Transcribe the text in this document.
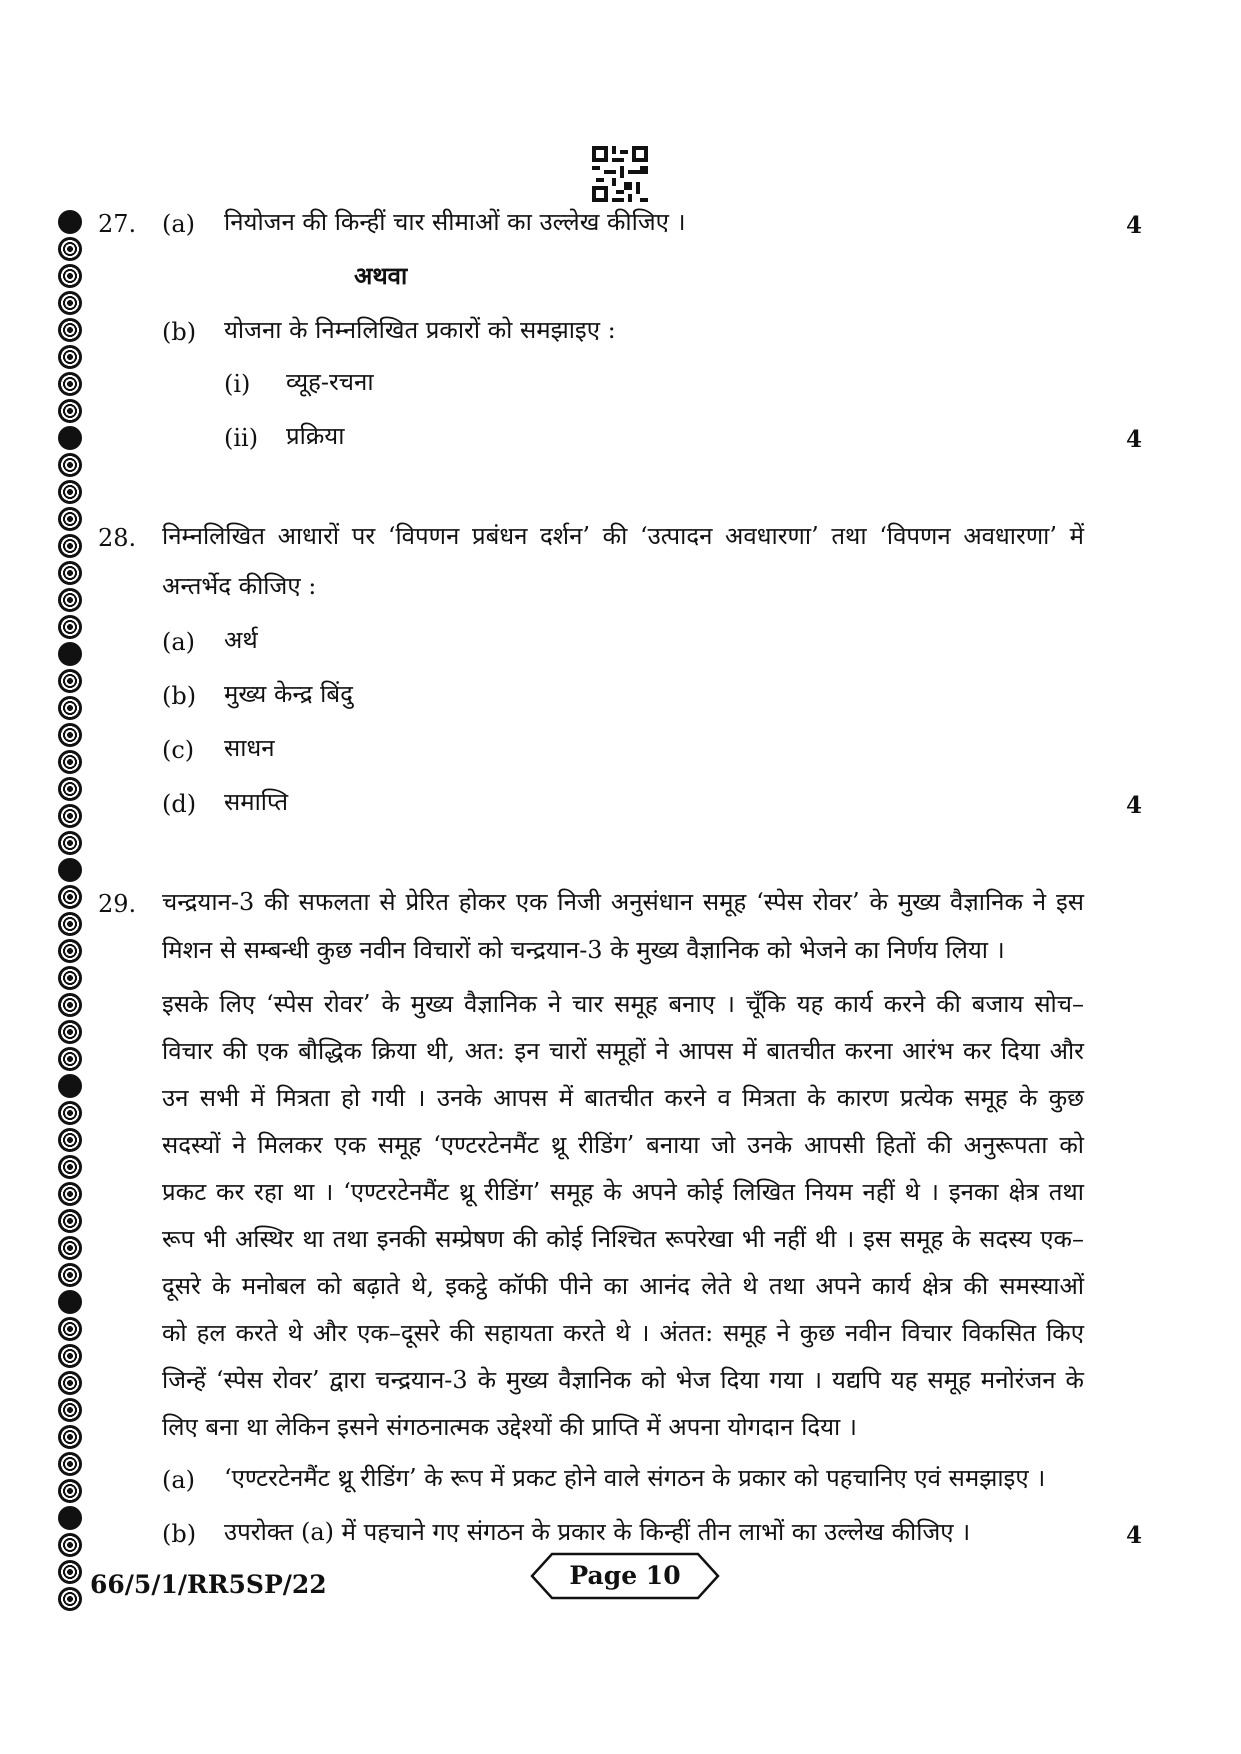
27. (a) नियोजन की किन्हीं चार सीमाओं का उल्लेख कीजिए ।	4
अथवा
(b) योजना के निम्नलिखित प्रकारों को समझाइए :
(i) व्यूह-रचना
(ii) प्रक्रिया	4
28. निम्नलिखित आधारों पर ‘विपणन प्रबंधन दर्शन’ की ‘उत्पादन अवधारणा’ तथा ‘विपणन अवधारणा’ में
अन्तर्भेद कीजिए :
(a) अर्थ
(b) मुख्य केन्द्र बिंदु
(c) साधन
(d) समाप्ति	4
29. चन्द्रयान-3 की सफलता से प्रेरित होकर एक निजी अनुसंधान समूह ‘स्पेस रोवर’ के मुख्य वैज्ञानिक ने इस
मिशन से सम्बन्धी कुछ नवीन विचारों को चन्द्रयान-3 के मुख्य वैज्ञानिक को भेजने का निर्णय लिया ।
इसके लिए ‘स्पेस रोवर’ के मुख्य वैज्ञानिक ने चार समूह बनाए । चूँकि यह कार्य करने की बजाय सोच–
विचार की एक बौद्धिक क्रिया थी, अत: इन चारों समूहों ने आपस में बातचीत करना आरंभ कर दिया और
उन सभी में मित्रता हो गयी । उनके आपस में बातचीत करने व मित्रता के कारण प्रत्येक समूह के कुछ
सदस्यों ने मिलकर एक समूह ‘एण्टरटेनमैंट थ्रू रीडिंग’ बनाया जो उनके आपसी हितों की अनुरूपता को
प्रकट कर रहा था । ‘एण्टरटेनमैंट थ्रू रीडिंग’ समूह के अपने कोई लिखित नियम नहीं थे । इनका क्षेत्र तथा
रूप भी अस्थिर था तथा इनकी सम्प्रेषण की कोई निश्चित रूपरेखा भी नहीं थी । इस समूह के सदस्य एक–
दूसरे के मनोबल को बढ़ाते थे, इकट्ठे कॉफी पीने का आनंद लेते थे तथा अपने कार्य क्षेत्र की समस्याओं
को हल करते थे और एक–दूसरे की सहायता करते थे । अंतत: समूह ने कुछ नवीन विचार विकसित किए
जिन्हें ‘स्पेस रोवर’ द्वारा चन्द्रयान-3 के मुख्य वैज्ञानिक को भेज दिया गया । यद्यपि यह समूह मनोरंजन के
लिए बना था लेकिन इसने संगठनात्मक उद्देश्यों की प्राप्ति में अपना योगदान दिया ।
(a) ‘एण्टरटेनमैंट थ्रू रीडिंग’ के रूप में प्रकट होने वाले संगठन के प्रकार को पहचानिए एवं समझाइए ।
(b) उपरोक्त (a) में पहचाने गए संगठन के प्रकार के किन्हीं तीन लाभों का उल्लेख कीजिए ।	4
66/5/1/RR5SP/22	Page 10
